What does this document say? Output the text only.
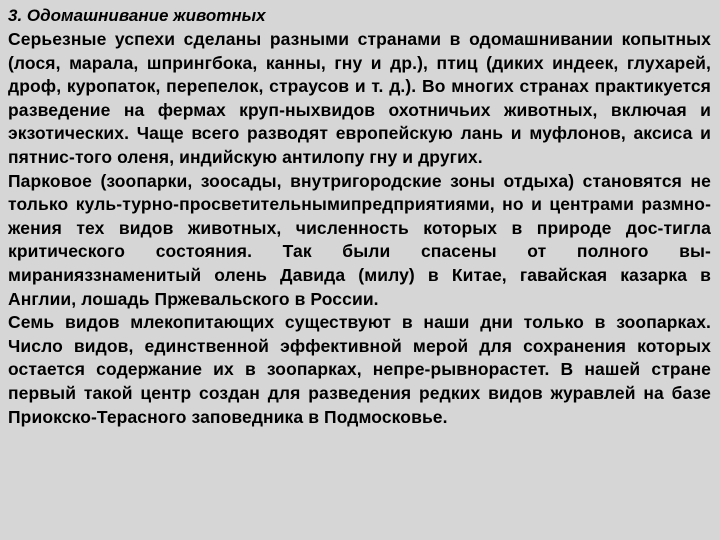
3. Одомашнивание животных

Серьезные успехи сделаны разными странами в одомашнивании копытных (лося, марала, шпрингбока, канны, гну и др.), птиц (диких индеек, глухарей, дроф, куропаток, перепелок, страусов и т. д.). Во многих странах практикуется разведение на фермах круп-ныхвидов охотничьих животных, включая и экзотических. Чаще всего разводят европейскую лань и муфлонов, аксиса и пятнис-того оленя, индийскую антилопу гну и других.

Парковое (зоопарки, зоосады, внутригородские зоны отдыха) становятся не только куль-турно-просветительнымипредприятиями, но и центрами размно-жения тех видов животных, численность которых в природе дос-тигла критического состояния. Так были спасены от полного вы-миранияззнаменитый олень Давида (милу) в Китае, гавайская казарка в Англии, лошадь Пржевальского в России.

Семь видов млекопитающих существуют в наши дни только в зоопарках. Число видов, единственной эффективной мерой для сохранения которых остается содержание их в зоопарках, непре-рывнорастет. В нашей стране первый такой центр создан для разведения редких видов журавлей на базе Приокско-Терасного заповедника в Подмосковье.
